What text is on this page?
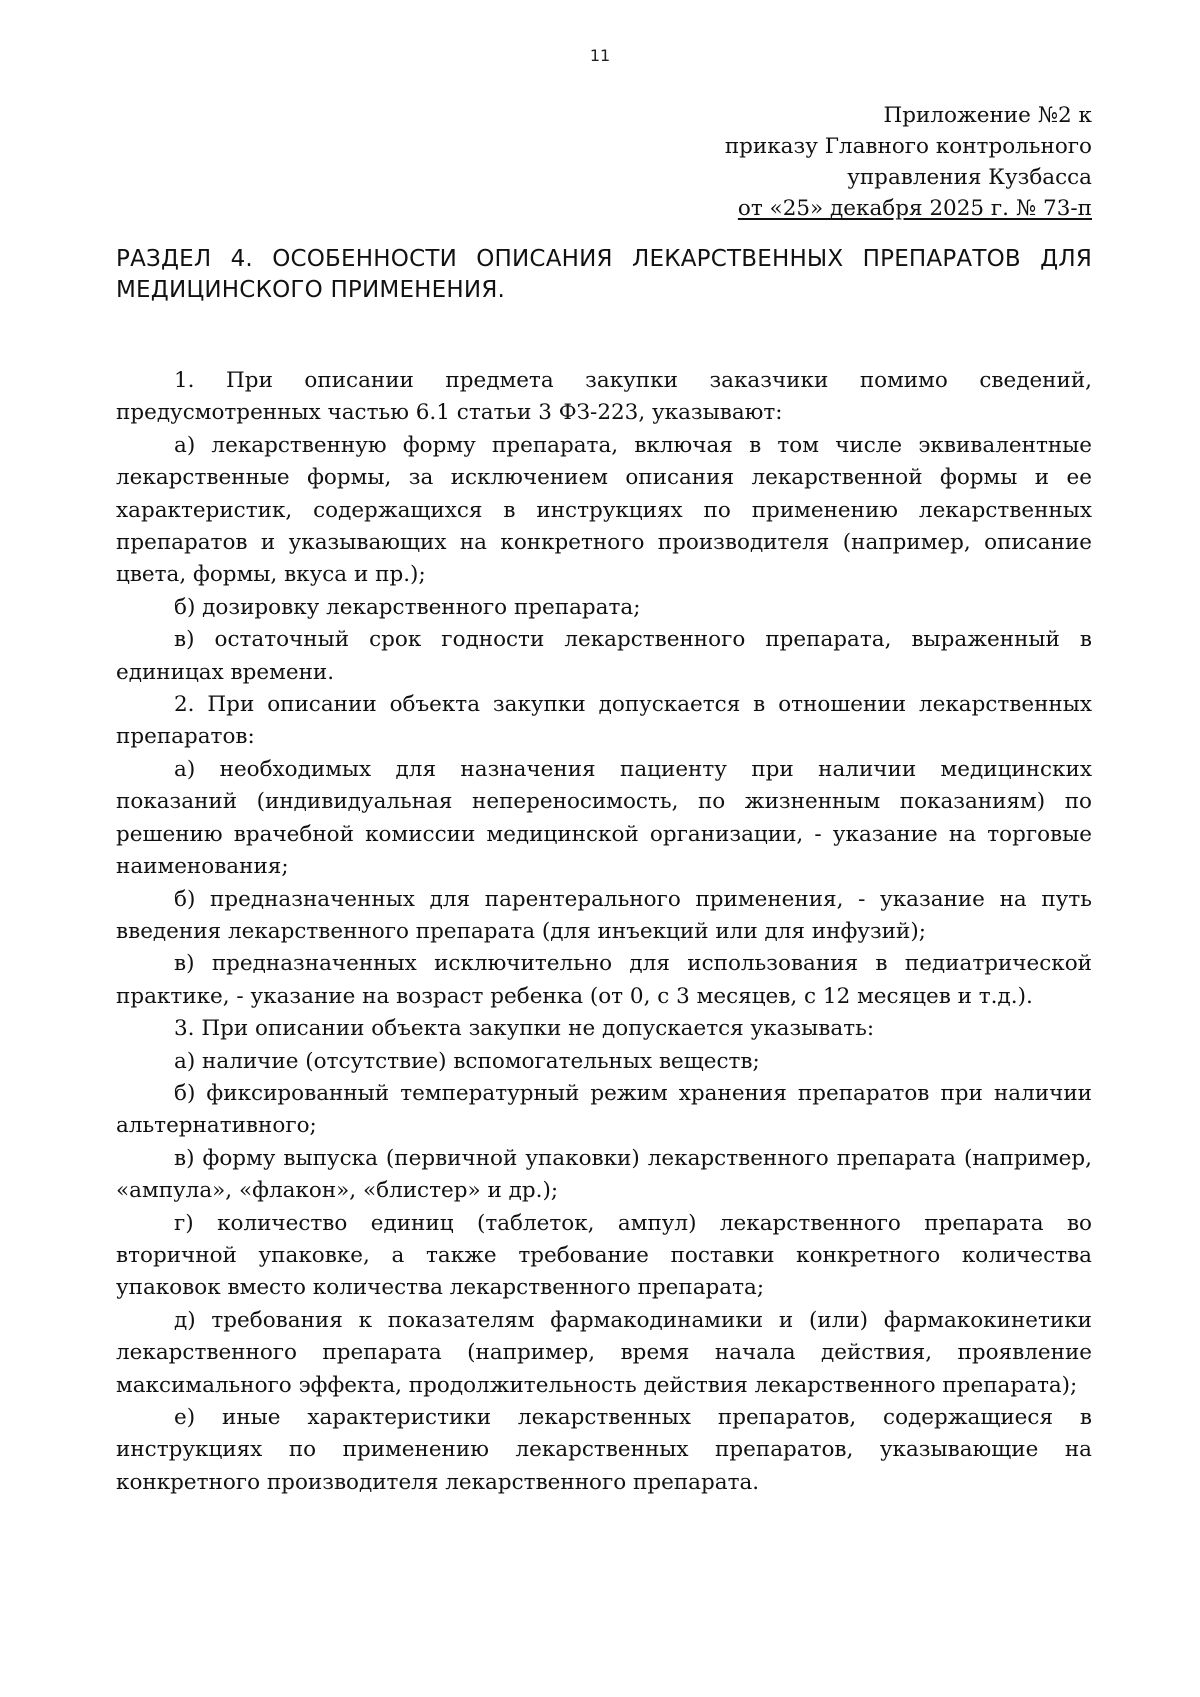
11
Приложение №2 к
приказу Главного контрольного
управления Кузбасса
от «25» декабря 2025 г. № 73-п
РАЗДЕЛ 4. ОСОБЕННОСТИ ОПИСАНИЯ ЛЕКАРСТВЕННЫХ ПРЕПАРАТОВ ДЛЯ МЕДИЦИНСКОГО ПРИМЕНЕНИЯ.

1. При описании предмета закупки заказчики помимо сведений, предусмотренных частью 6.1 статьи 3 ФЗ-223, указывают:

а) лекарственную форму препарата, включая в том числе эквивалентные лекарственные формы, за исключением описания лекарственной формы и ее характеристик, содержащихся в инструкциях по применению лекарственных препаратов и указывающих на конкретного производителя (например, описание цвета, формы, вкуса и пр.);

б) дозировку лекарственного препарата;

в) остаточный срок годности лекарственного препарата, выраженный в единицах времени.

2. При описании объекта закупки допускается в отношении лекарственных препаратов:

а) необходимых для назначения пациенту при наличии медицинских показаний (индивидуальная непереносимость, по жизненным показаниям) по решению врачебной комиссии медицинской организации, - указание на торговые наименования;

б) предназначенных для парентерального применения, - указание на путь введения лекарственного препарата (для инъекций или для инфузий);

в) предназначенных исключительно для использования в педиатрической практике, - указание на возраст ребенка (от 0, с 3 месяцев, с 12 месяцев и т.д.).

3. При описании объекта закупки не допускается указывать:

а) наличие (отсутствие) вспомогательных веществ;

б) фиксированный температурный режим хранения препаратов при наличии альтернативного;

в) форму выпуска (первичной упаковки) лекарственного препарата (например, «ампула», «флакон», «блистер» и др.);

г) количество единиц (таблеток, ампул) лекарственного препарата во вторичной упаковке, а также требование поставки конкретного количества упаковок вместо количества лекарственного препарата;

д) требования к показателям фармакодинамики и (или) фармакокинетики лекарственного препарата (например, время начала действия, проявление максимального эффекта, продолжительность действия лекарственного препарата);

е) иные характеристики лекарственных препаратов, содержащиеся в инструкциях по применению лекарственных препаратов, указывающие на конкретного производителя лекарственного препарата.
